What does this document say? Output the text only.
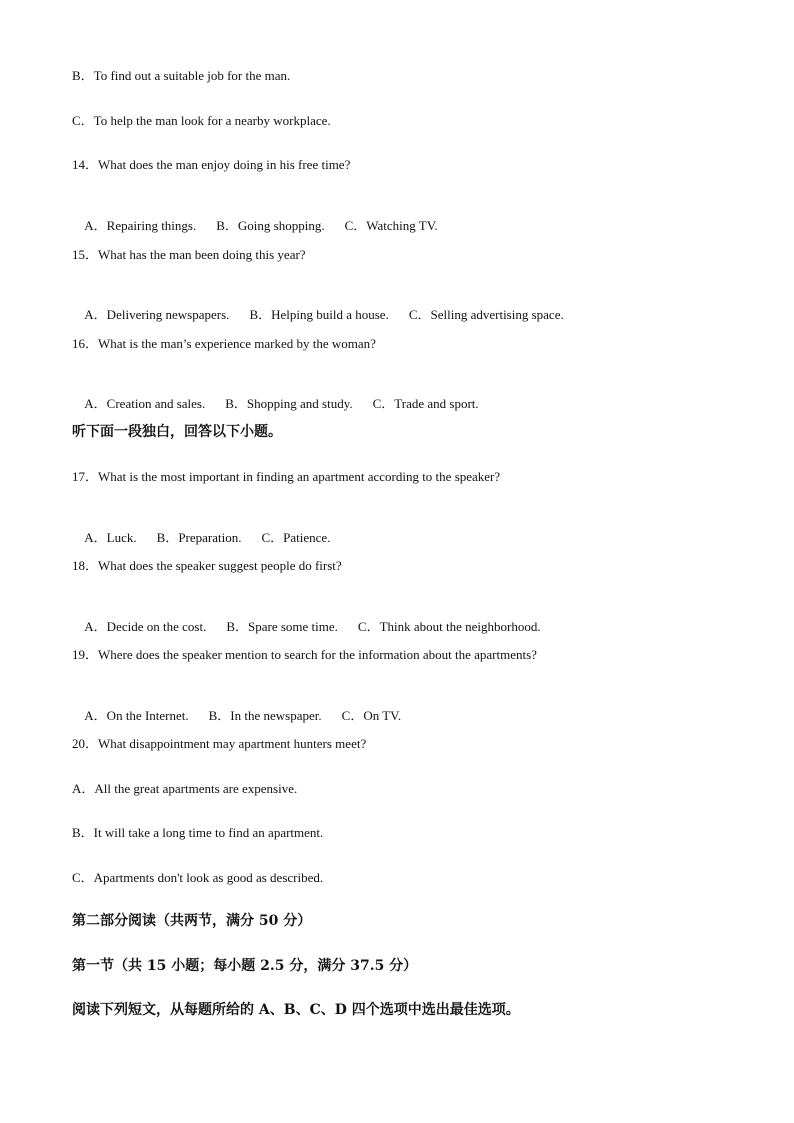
B．To find out a suitable job for the man.
C．To help the man look for a nearby workplace.
14．What does the man enjoy doing in his free time?

A．Repairing things. B．Going shopping. C．Watching TV.

15．What has the man been doing this year?

A．Delivering newspapers. B．Helping build a house. C．Selling advertising space.

16．What is the man’s experience marked by the woman?

A．Creation and sales. B．Shopping and study. C．Trade and sport.

听下面一段独白，回答以下小题。
17．What is the most important in finding an apartment according to the speaker?

A．Luck. B．Preparation. C．Patience.

18．What does the speaker suggest people do first?

A．Decide on the cost. B．Spare some time. C．Think about the neighborhood.

19．Where does the speaker mention to search for the information about the apartments?

A．On the Internet. B．In the newspaper. C．On TV.

20．What disappointment may apartment hunters meet?
A．All the great apartments are expensive.
B．It will take a long time to find an apartment.
C．Apartments don't look as good as described.
第二部分阅读（共两节，满分 50 分）
第一节（共 15 小题；每小题 2.5 分，满分 37.5 分）
阅读下列短文，从每题所给的 A、B、C、D 四个选项中选出最佳选项。
